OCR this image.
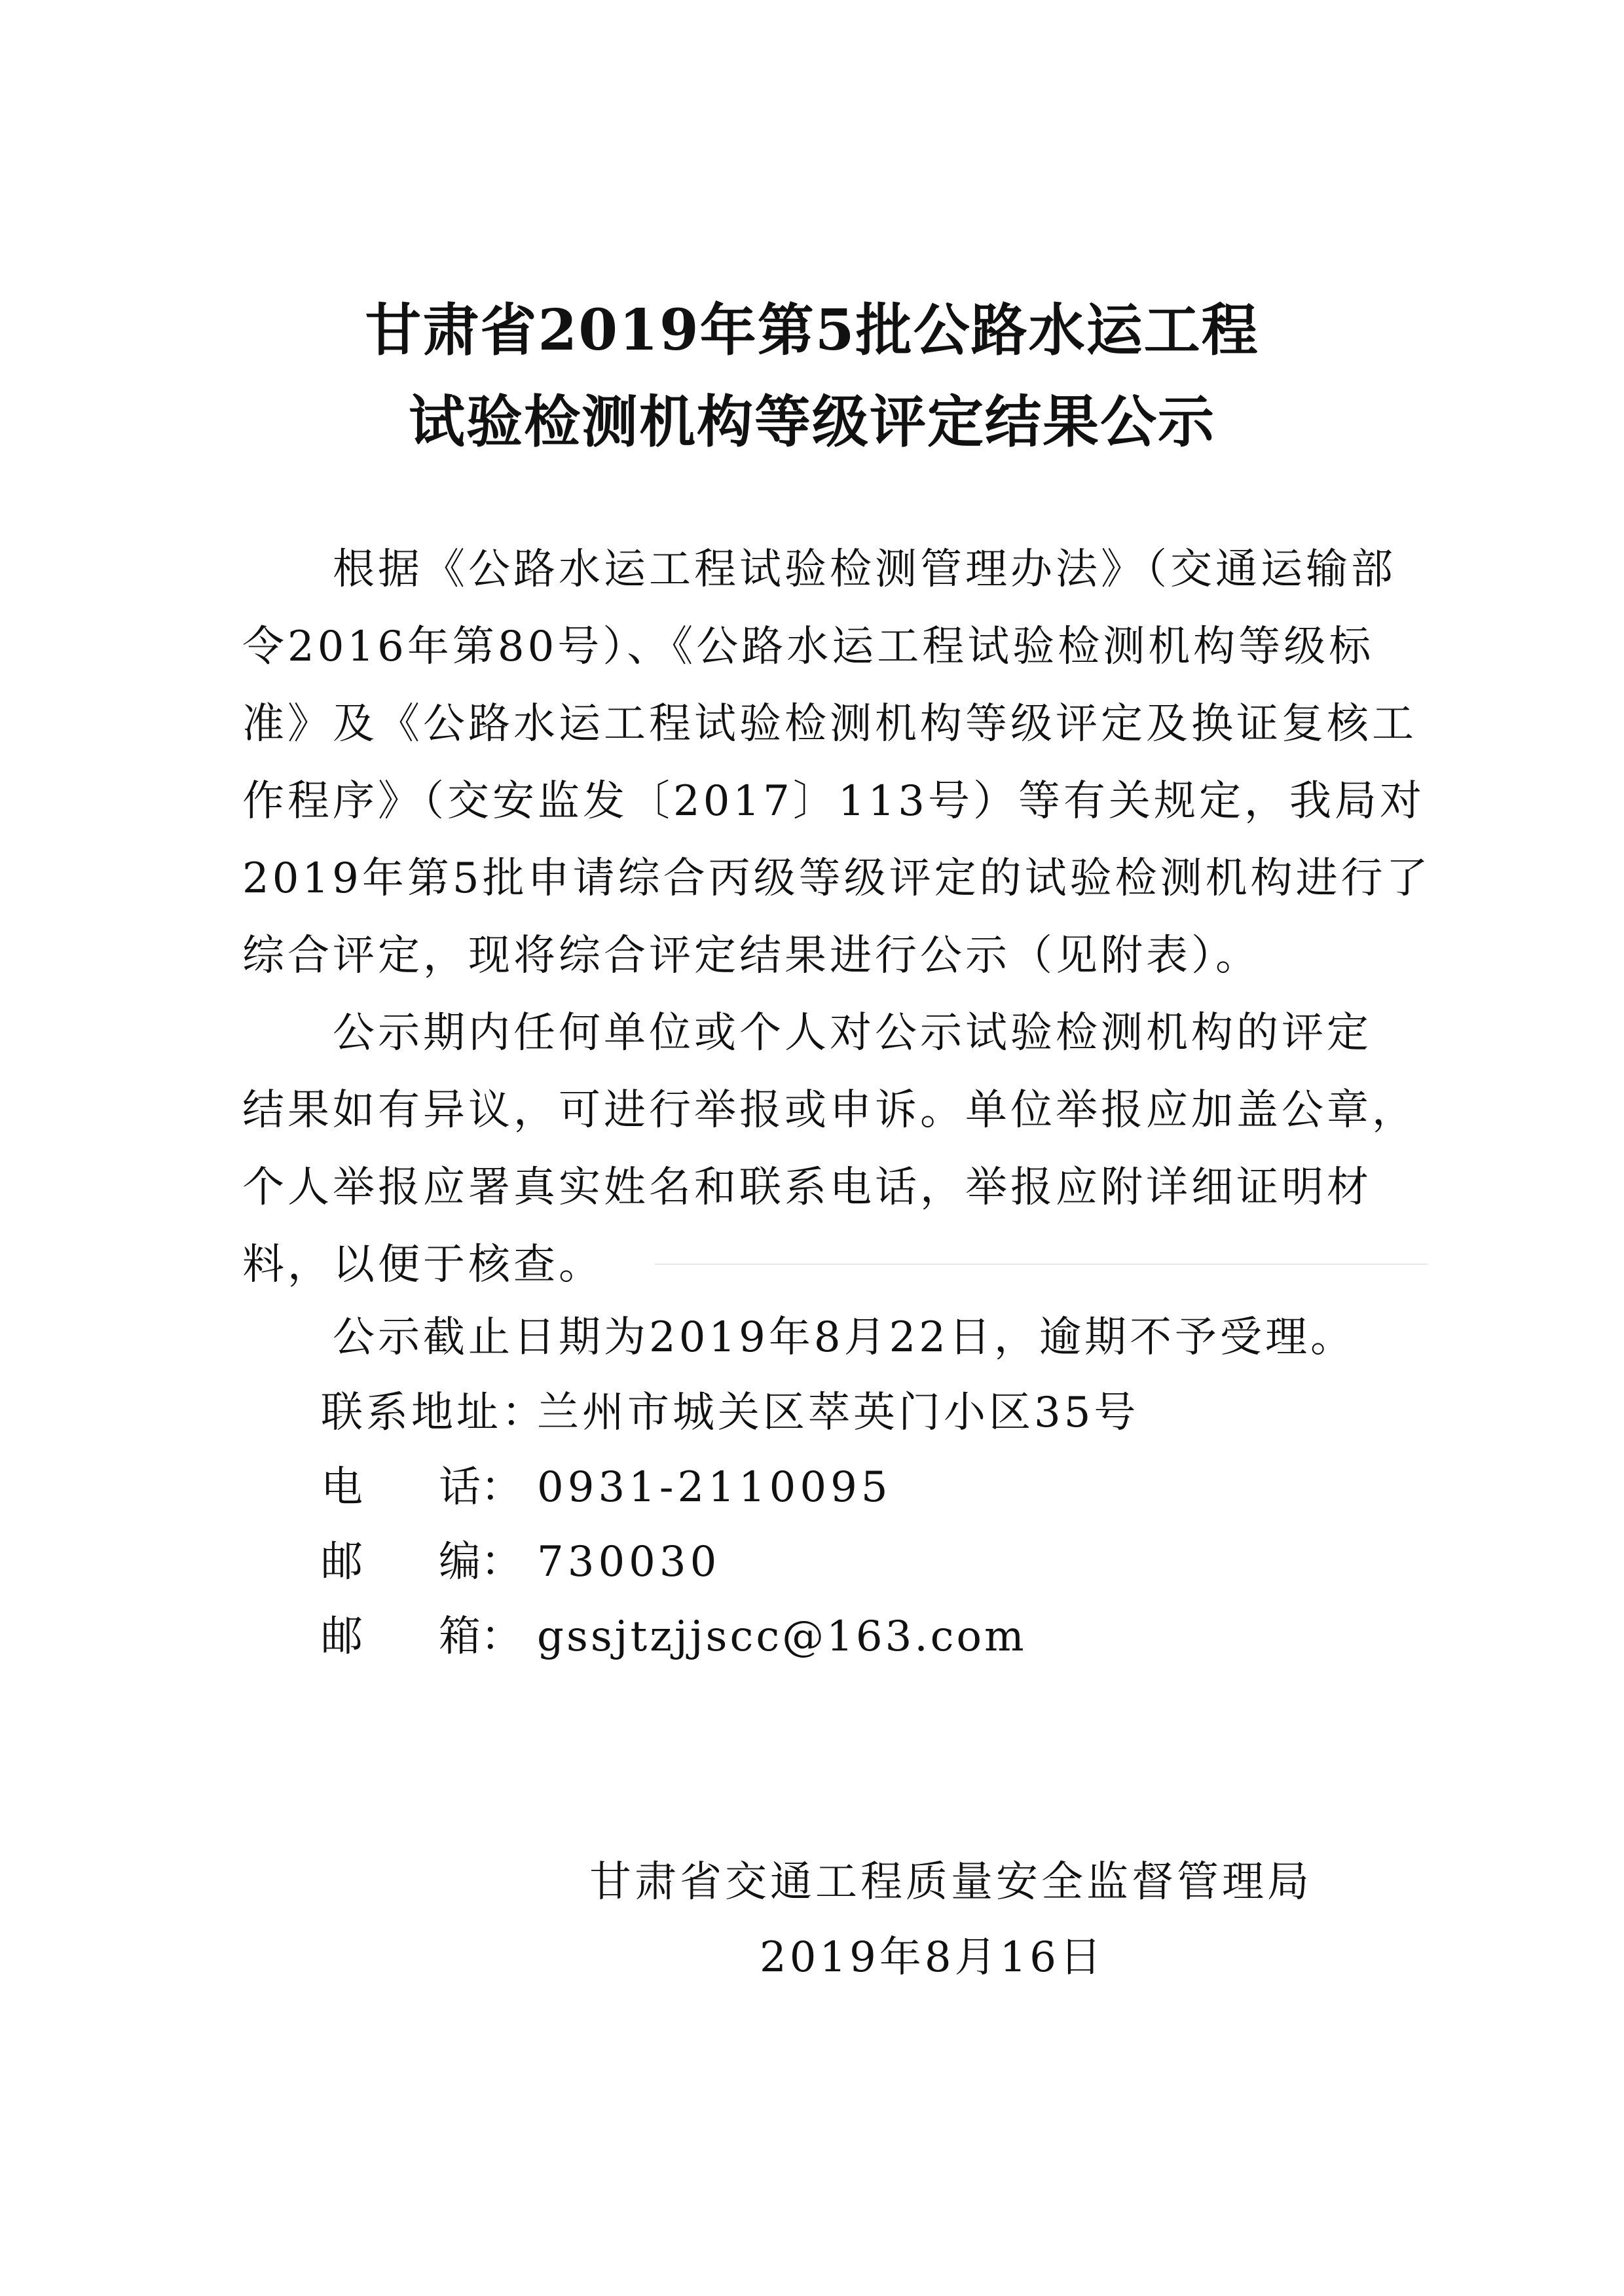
甘肃省2019年第5批公路水运工程
试验检测机构等级评定结果公示
　　根据《公路水运工程试验检测管理办法》（交通运输部
令2016年第80号）、《公路水运工程试验检测机构等级标
准》及《公路水运工程试验检测机构等级评定及换证复核工
作程序》（交安监发〔2017〕113号）等有关规定，我局对
2019年第5批申请综合丙级等级评定的试验检测机构进行了
综合评定，现将综合评定结果进行公示（见附表）。
　　公示期内任何单位或个人对公示试验检测机构的评定
结果如有异议，可进行举报或申诉。单位举报应加盖公章，
个人举报应署真实姓名和联系电话，举报应附详细证明材
料，以便于核查。
　　公示截止日期为2019年8月22日，逾期不予受理。
联系地址：
兰州市城关区萃英门小区35号
电 话： 0931-2110095
邮 编： 730030
邮 箱： gssjtzjjscc@163.com
甘肃省交通工程质量安全监督管理局
2019年8月16日
